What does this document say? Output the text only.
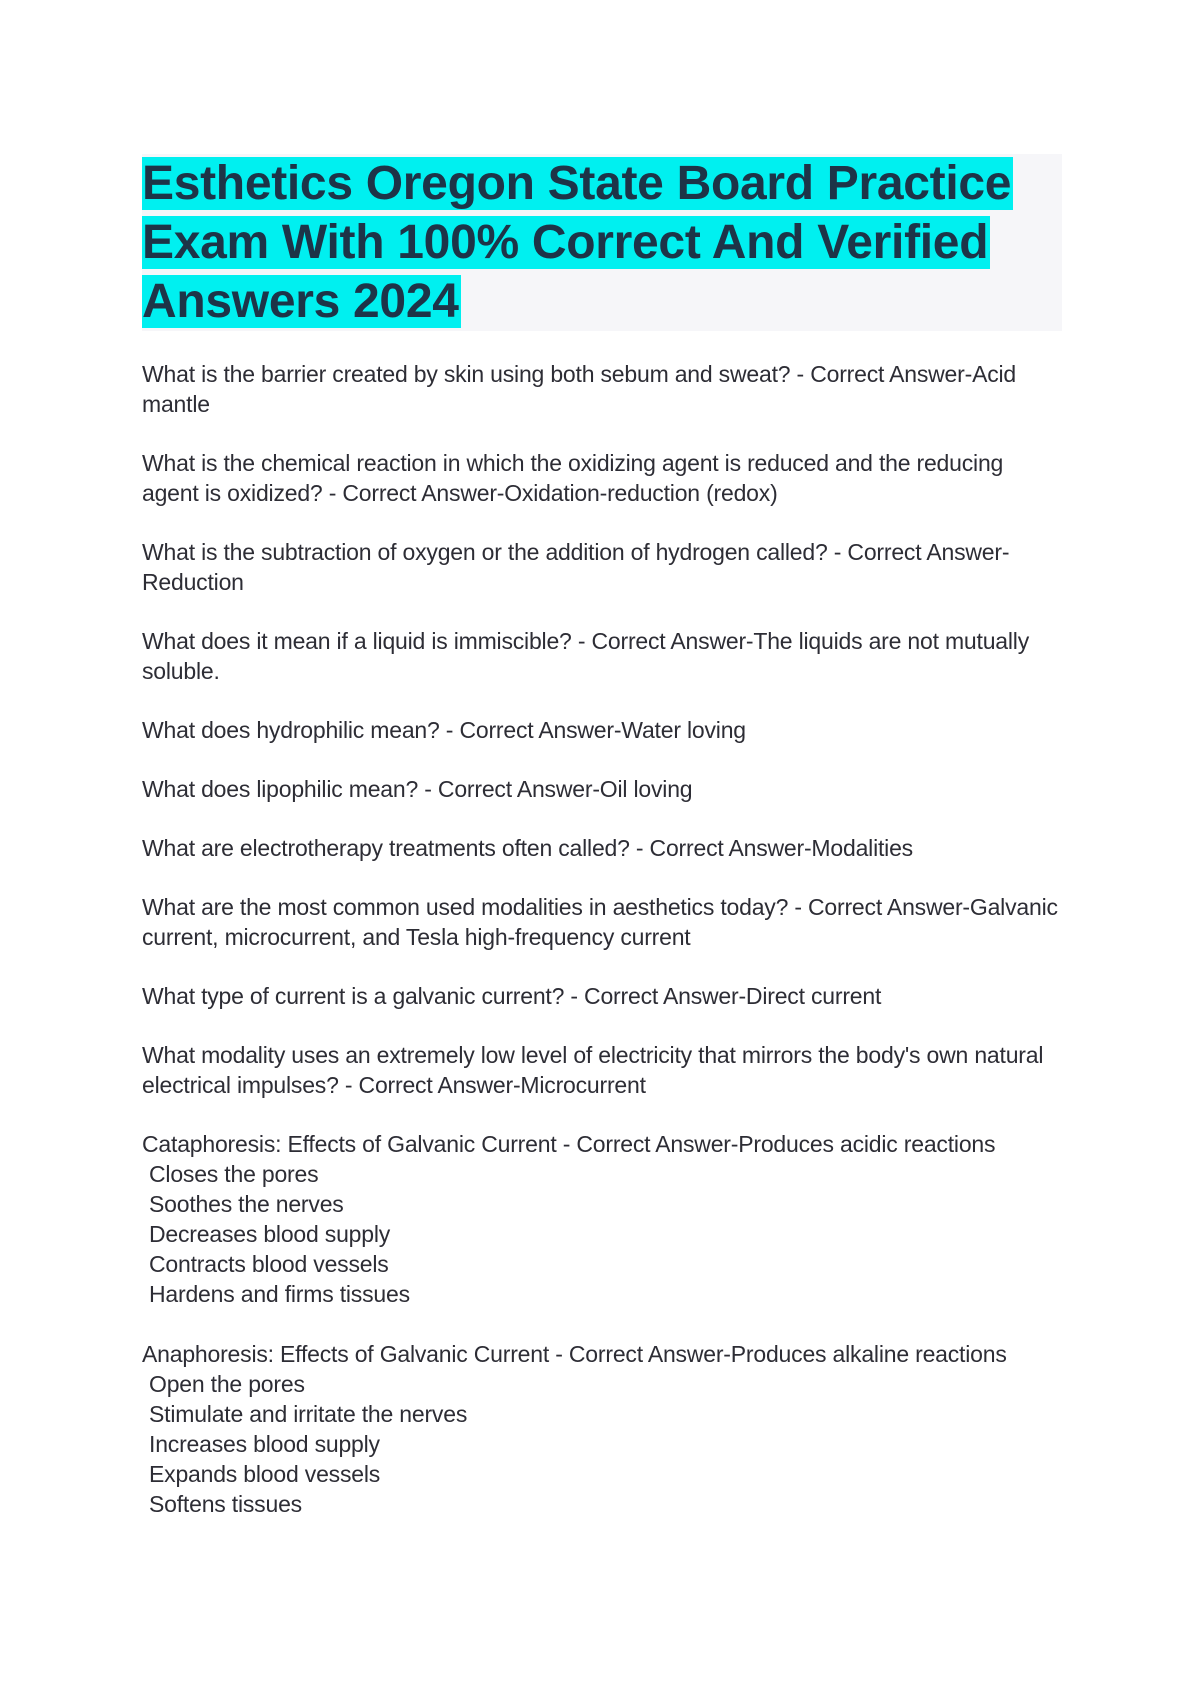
Esthetics Oregon State Board Practice Exam With 100% Correct And Verified Answers 2024

What is the barrier created by skin using both sebum and sweat? - Correct Answer-Acid mantle

What is the chemical reaction in which the oxidizing agent is reduced and the reducing agent is oxidized? - Correct Answer-Oxidation-reduction (redox)

What is the subtraction of oxygen or the addition of hydrogen called? - Correct Answer-Reduction

What does it mean if a liquid is immiscible? - Correct Answer-The liquids are not mutually soluble.

What does hydrophilic mean? - Correct Answer-Water loving

What does lipophilic mean? - Correct Answer-Oil loving

What are electrotherapy treatments often called? - Correct Answer-Modalities

What are the most common used modalities in aesthetics today? - Correct Answer-Galvanic current, microcurrent, and Tesla high-frequency current

What type of current is a galvanic current? - Correct Answer-Direct current

What modality uses an extremely low level of electricity that mirrors the body's own natural electrical impulses? - Correct Answer-Microcurrent

Cataphoresis: Effects of Galvanic Current - Correct Answer-Produces acidic reactions
Closes the pores
Soothes the nerves
Decreases blood supply
Contracts blood vessels
Hardens and firms tissues
Anaphoresis: Effects of Galvanic Current - Correct Answer-Produces alkaline reactions
Open the pores
Stimulate and irritate the nerves
Increases blood supply
Expands blood vessels
Softens tissues
